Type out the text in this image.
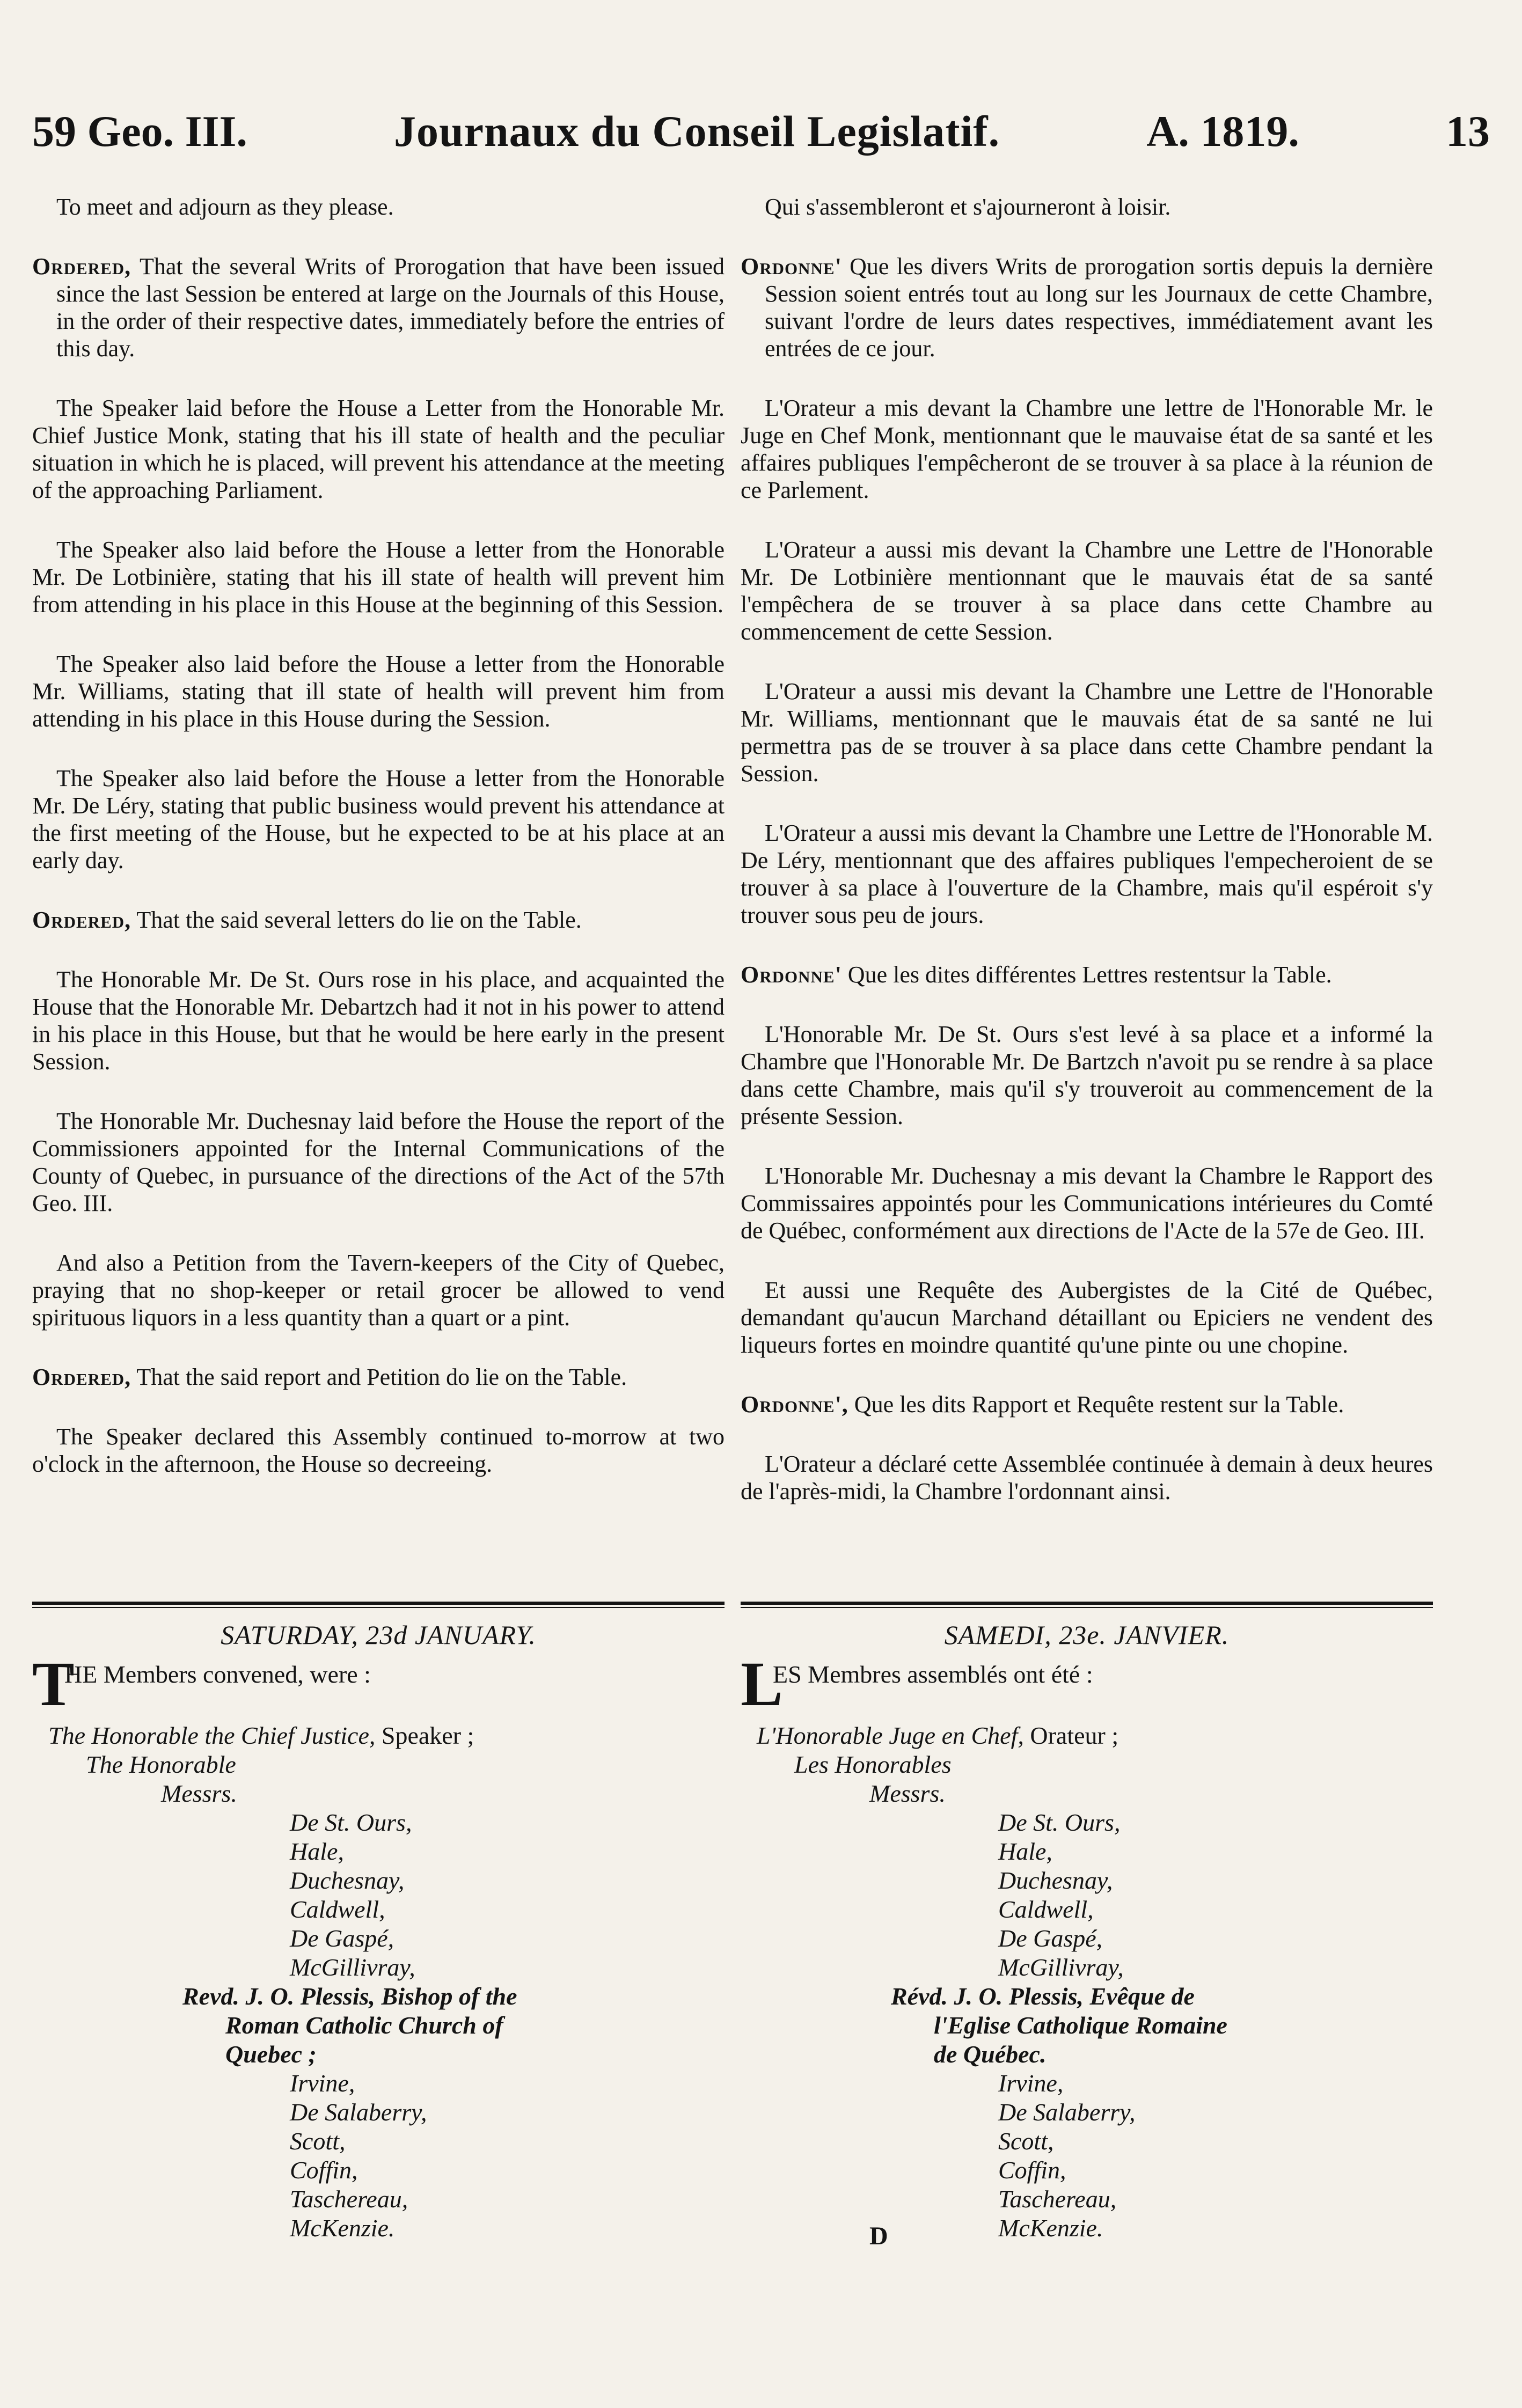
59 Geo. III.	Journaux du Conseil Legislatif.	A. 1819.	13
To meet and adjourn as they please.
Ordered, That the several Writs of Prorogation that have been issued since the last Session be entered at large on the Journals of this House, in the order of their respective dates, immediately before the entries of this day.
The Speaker laid before the House a Letter from the Honorable Mr. Chief Justice Monk, stating that his ill state of health and the peculiar situation in which he is placed, will prevent his attendance at the meeting of the approaching Parliament.
The Speaker also laid before the House a letter from the Honorable Mr. De Lotbinière, stating that his ill state of health will prevent him from attending in his place in this House at the beginning of this Session.
The Speaker also laid before the House a letter from the Honorable Mr. Williams, stating that ill state of health will prevent him from attending in his place in this House during the Session.
The Speaker also laid before the House a letter from the Honorable Mr. De Léry, stating that public business would prevent his attendance at the first meeting of the House, but he expected to be at his place at an early day.
Ordered, That the said several letters do lie on the Table.
The Honorable Mr. De St. Ours rose in his place, and acquainted the House that the Honorable Mr. Debartzch had it not in his power to attend in his place in this House, but that he would be here early in the present Session.
The Honorable Mr. Duchesnay laid before the House the report of the Commissioners appointed for the Internal Communications of the County of Quebec, in pursuance of the directions of the Act of the 57th Geo. III.
And also a Petition from the Tavern-keepers of the City of Quebec, praying that no shop-keeper or retail grocer be allowed to vend spirituous liquors in a less quantity than a quart or a pint.
Ordered, That the said report and Petition do lie on the Table.
The Speaker declared this Assembly continued to-morrow at two o'clock in the afternoon, the House so decreeing.
Qui s'assembleront et s'ajourneront à loisir.
Ordonne' Que les divers Writs de prorogation sortis depuis la dernière Session soient entrés tout au long sur les Journaux de cette Chambre, suivant l'ordre de leurs dates respectives, immédiatement avant les entrées de ce jour.
L'Orateur a mis devant la Chambre une lettre de l'Honorable Mr. le Juge en Chef Monk, mentionnant que le mauvaise état de sa santé et les affaires publiques l'empêcheront de se trouver à sa place à la réunion de ce Parlement.
L'Orateur a aussi mis devant la Chambre une Lettre de l'Honorable Mr. De Lotbinière mentionnant que le mauvais état de sa santé l'empêchera de se trouver à sa place dans cette Chambre au commencement de cette Session.
L'Orateur a aussi mis devant la Chambre une Lettre de l'Honorable Mr. Williams, mentionnant que le mauvais état de sa santé ne lui permettra pas de se trouver à sa place dans cette Chambre pendant la Session.
L'Orateur a aussi mis devant la Chambre une Lettre de l'Honorable M. De Léry, mentionnant que des affaires publiques l'empecheroient de se trouver à sa place à l'ouverture de la Chambre, mais qu'il espéroit s'y trouver sous peu de jours.
Ordonne' Que les dites différentes Lettres restentsur la Table.
L'Honorable Mr. De St. Ours s'est levé à sa place et a informé la Chambre que l'Honorable Mr. De Bartzch n'avoit pu se rendre à sa place dans cette Chambre, mais qu'il s'y trouveroit au commencement de la présente Session.
L'Honorable Mr. Duchesnay a mis devant la Chambre le Rapport des Commissaires appointés pour les Communications intérieures du Comté de Québec, conformément aux directions de l'Acte de la 57e de Geo. III.
Et aussi une Requête des Aubergistes de la Cité de Québec, demandant qu'aucun Marchand détaillant ou Epiciers ne vendent des liqueurs fortes en moindre quantité qu'une pinte ou une chopine.
Ordonne', Que les dits Rapport et Requête restent sur la Table.
L'Orateur a déclaré cette Assemblée continuée à demain à deux heures de l'après-midi, la Chambre l'ordonnant ainsi.
SATURDAY, 23d JANUARY.
T
HE Members convened, were :
The Honorable the Chief Justice, Speaker ;
The Honorable
Messrs.
De St. Ours,
Hale,
Duchesnay,
Caldwell,
De Gaspé,
McGillivray,
Revd. J. O. Plessis, Bishop of the
Roman Catholic Church of
Quebec ;
Irvine,
De Salaberry,
Scott,
Coffin,
Taschereau,
McKenzie.
SAMEDI, 23e. JANVIER.
L
ES Membres assemblés ont été :
L'Honorable Juge en Chef, Orateur ;
Les Honorables
Messrs.
De St. Ours,
Hale,
Duchesnay,
Caldwell,
De Gaspé,
McGillivray,
Révd. J. O. Plessis, Evêque de
l'Eglise Catholique Romaine
de Québec.
Irvine,
De Salaberry,
Scott,
Coffin,
Taschereau,
McKenzie.
D
